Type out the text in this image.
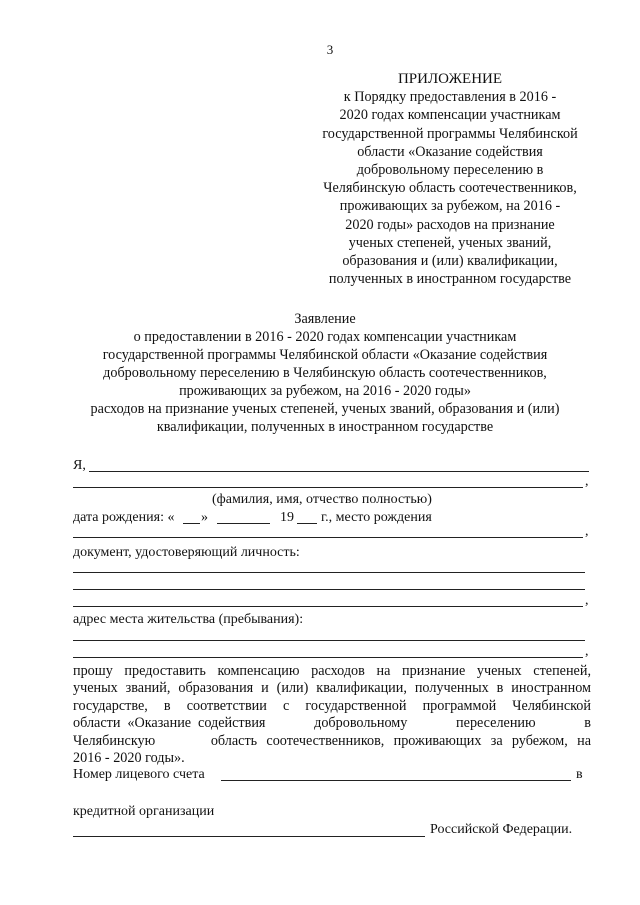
3
ПРИЛОЖЕНИЕ
к Порядку предоставления в 2016 -
2020 годах компенсации участникам
государственной программы Челябинской
области «Оказание содействия
добровольному переселению в
Челябинскую область соотечественников,
проживающих за рубежом, на 2016 -
2020 годы» расходов на признание
ученых степеней, ученых званий,
образования и (или) квалификации,
полученных в иностранном государстве
Заявление
о предоставлении в 2016 - 2020 годах компенсации участникам
государственной программы Челябинской области «Оказание содействия
добровольному переселению в Челябинскую область соотечественников,
проживающих за рубежом, на 2016 - 2020 годы»
расходов на признание ученых степеней, ученых званий, образования и (или)
квалификации, полученных в иностранном государстве
Я,
,
(фамилия, имя, отчество полностью)
дата рождения: « »	19 г., место рождения
,
документ, удостоверяющий личность:
,
адрес места жительства (пребывания):
,
прошу предоставить компенсацию расходов на признание ученых степеней,
ученых званий, образования и (или) квалификации, полученных в иностранном
государстве, в соответствии с государственной программой Челябинской
области «Оказание содействия       добровольному       переселению       в
Челябинскую      область соотечественников, проживающих за рубежом, на
2016 - 2020 годы».
Номер лицевого счета	в
кредитной организации
Российской Федерации.
